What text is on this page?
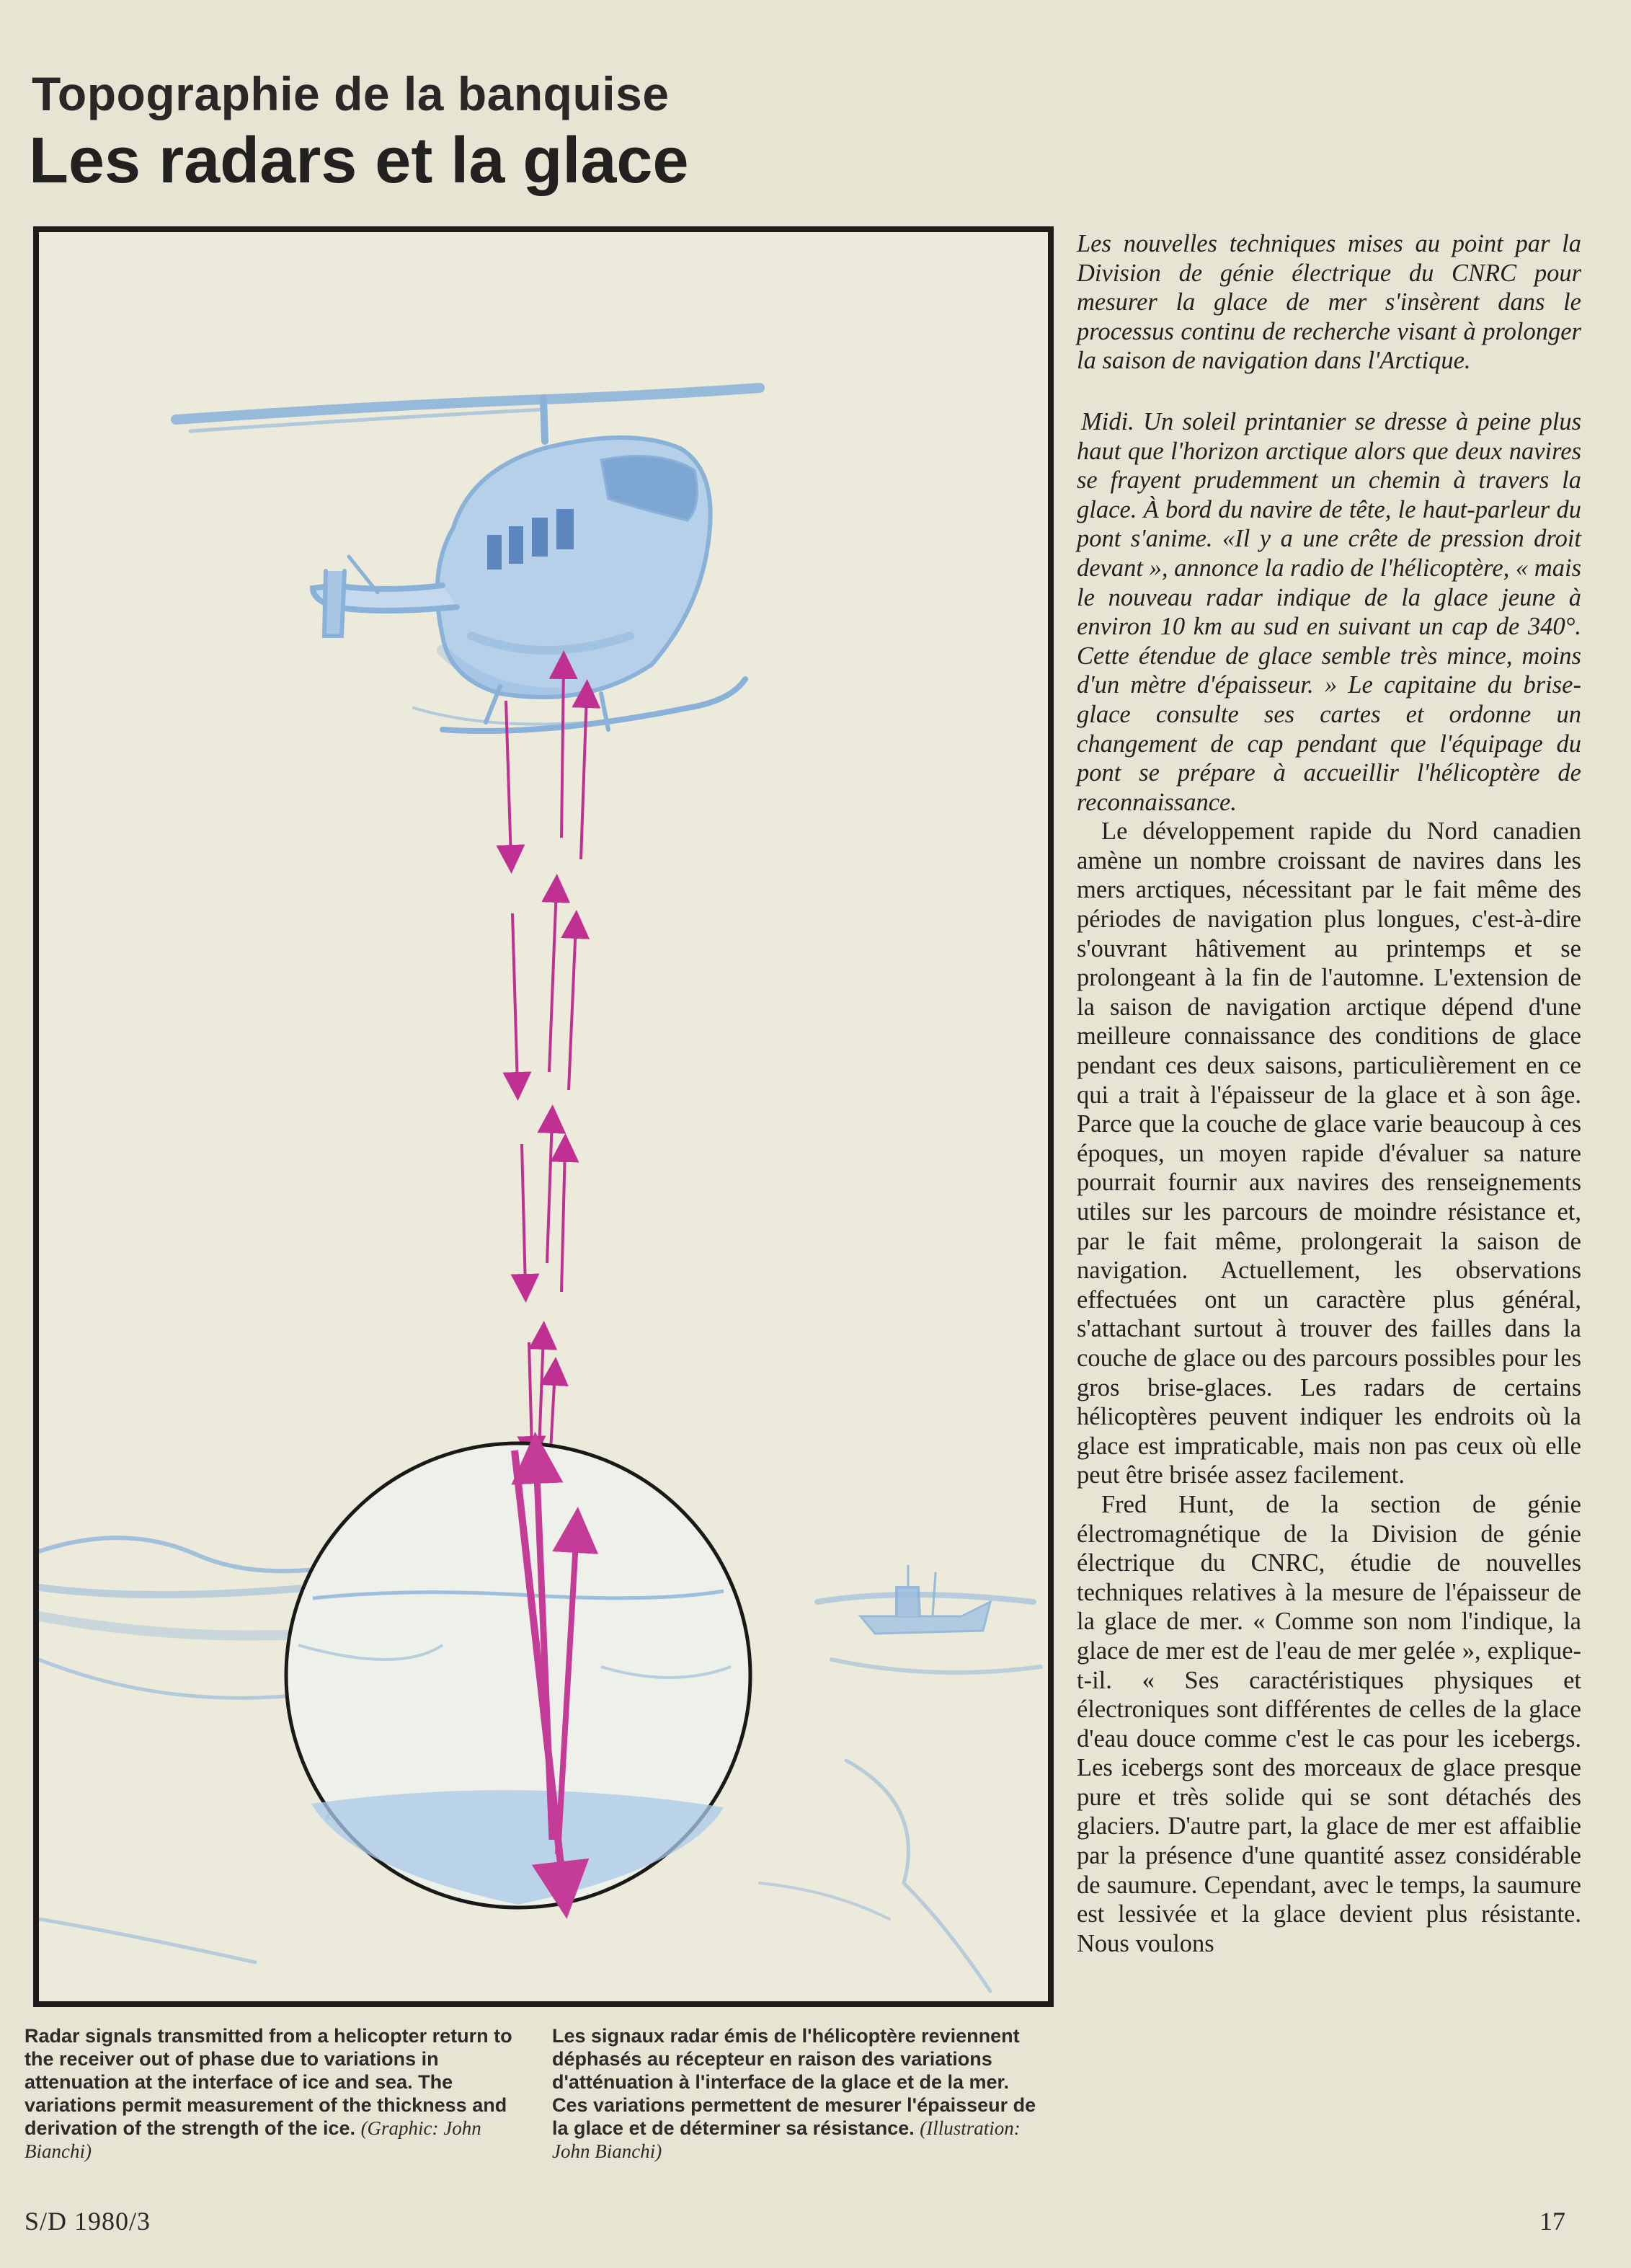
Topographie de la banquise
Les radars et la glace
Radar signals transmitted from a helicopter return to the receiver out of phase due to variations in attenuation at the interface of ice and sea. The variations permit measurement of the thickness and derivation of the strength of the ice. (Graphic: John Bianchi)
Les signaux radar émis de l'hélicoptère reviennent déphasés au récepteur en raison des variations d'atténuation à l'interface de la glace et de la mer. Ces variations permettent de mesurer l'épaisseur de la glace et de déterminer sa résistance. (Illustration: John Bianchi)

Les nouvelles techniques mises au point par la Division de génie électrique du CNRC pour mesurer la glace de mer s'insèrent dans le processus continu de recherche visant à prolonger la saison de navigation dans l'Arctique.

Midi. Un soleil printanier se dresse à peine plus haut que l'horizon arctique alors que deux navires se frayent prudemment un chemin à travers la glace. À bord du navire de tête, le haut-parleur du pont s'anime. «Il y a une crête de pression droit devant », annonce la radio de l'hélicoptère, « mais le nouveau radar indique de la glace jeune à environ 10 km au sud en suivant un cap de 340°. Cette étendue de glace semble très mince, moins d'un mètre d'épaisseur. » Le capitaine du brise-glace consulte ses cartes et ordonne un changement de cap pendant que l'équipage du pont se prépare à accueillir l'hélicoptère de reconnaissance.

Le développement rapide du Nord canadien amène un nombre croissant de navires dans les mers arctiques, nécessitant par le fait même des périodes de navigation plus longues, c'est-à-dire s'ouvrant hâtivement au printemps et se prolongeant à la fin de l'automne. L'extension de la saison de navigation arctique dépend d'une meilleure connaissance des conditions de glace pendant ces deux saisons, particulièrement en ce qui a trait à l'épaisseur de la glace et à son âge. Parce que la couche de glace varie beaucoup à ces époques, un moyen rapide d'évaluer sa nature pourrait fournir aux navires des renseignements utiles sur les parcours de moindre résistance et, par le fait même, prolongerait la saison de navigation. Actuellement, les observations effectuées ont un caractère plus général, s'attachant surtout à trouver des failles dans la couche de glace ou des parcours possibles pour les gros brise-glaces. Les radars de certains hélicoptères peuvent indiquer les endroits où la glace est impraticable, mais non pas ceux où elle peut être brisée assez facilement.

Fred Hunt, de la section de génie électromagnétique de la Division de génie électrique du CNRC, étudie de nouvelles techniques relatives à la mesure de l'épaisseur de la glace de mer. « Comme son nom l'indique, la glace de mer est de l'eau de mer gelée », explique-t-il. « Ses caractéristiques physiques et électroniques sont différentes de celles de la glace d'eau douce comme c'est le cas pour les icebergs. Les icebergs sont des morceaux de glace presque pure et très solide qui se sont détachés des glaciers. D'autre part, la glace de mer est affaiblie par la présence d'une quantité assez considérable de saumure. Cependant, avec le temps, la saumure est lessivée et la glace devient plus résistante. Nous voulons

S/D 1980/3	17
